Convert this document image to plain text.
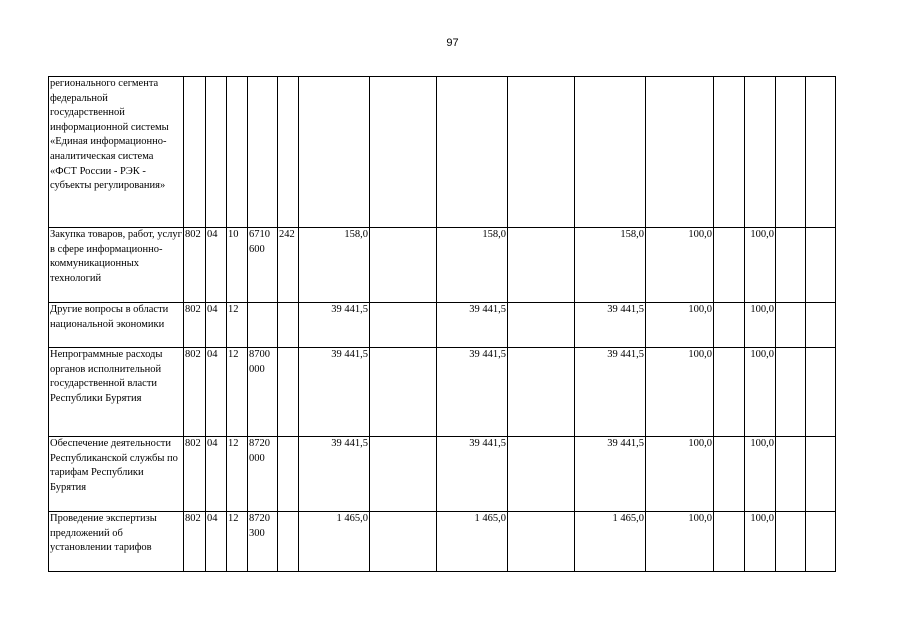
97
регионального сегмента федеральной государственной информационной системы «Единая информационно-аналитическая система «ФСТ России - РЭК - субъекты регулирования»															
Закупка товаров, работ, услуг в сфере информационно-коммуникационных технологий	802	04	10	6710 600	242	158,0		158,0		158,0	100,0		100,0		
Другие вопросы в области национальной экономики	802	04	12			39 441,5		39 441,5		39 441,5	100,0		100,0		
Непрограммные расходы органов исполнительной государственной власти Республики Бурятия	802	04	12	8700 000		39 441,5		39 441,5		39 441,5	100,0		100,0		
Обеспечение деятельности Республиканской службы по тарифам Республики Бурятия	802	04	12	8720 000		39 441,5		39 441,5		39 441,5	100,0		100,0		
Проведение экспертизы предложений об установлении тарифов	802	04	12	8720 300		1 465,0		1 465,0		1 465,0	100,0		100,0		
